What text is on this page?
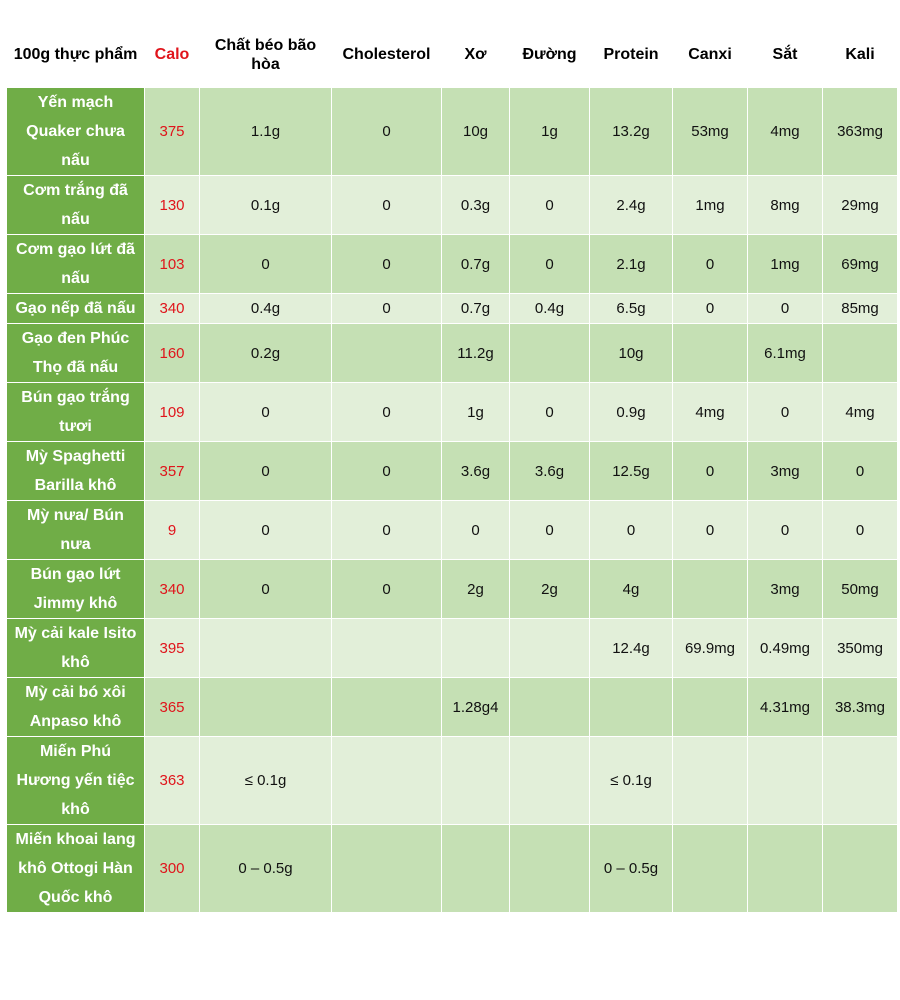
100g thực phẩm	Calo	Chất béo bão hòa	Cholesterol	Xơ	Đường	Protein	Canxi	Sắt	Kali
Yến mạch Quaker chưa nấu	375	1.1g	0	10g	1g	13.2g	53mg	4mg	363mg
Cơm trắng đã nấu	130	0.1g	0	0.3g	0	2.4g	1mg	8mg	29mg
Cơm gạo lứt đã nấu	103	0	0	0.7g	0	2.1g	0	1mg	69mg
Gạo nếp đã nấu	340	0.4g	0	0.7g	0.4g	6.5g	0	0	85mg
Gạo đen Phúc Thọ đã nấu	160	0.2g		11.2g		10g		6.1mg	
Bún gạo trắng tươi	109	0	0	1g	0	0.9g	4mg	0	4mg
Mỳ Spaghetti Barilla khô	357	0	0	3.6g	3.6g	12.5g	0	3mg	0
Mỳ nưa/ Bún nưa	9	0	0	0	0	0	0	0	0
Bún gạo lứt Jimmy khô	340	0	0	2g	2g	4g		3mg	50mg
Mỳ cải kale Isito khô	395					12.4g	69.9mg	0.49mg	350mg
Mỳ cải bó xôi Anpaso khô	365			1.28g4				4.31mg	38.3mg
Miến Phú Hương yến tiệc khô	363	≤ 0.1g				≤ 0.1g			
Miến khoai lang khô Ottogi Hàn Quốc khô	300	0 – 0.5g				0 – 0.5g			
